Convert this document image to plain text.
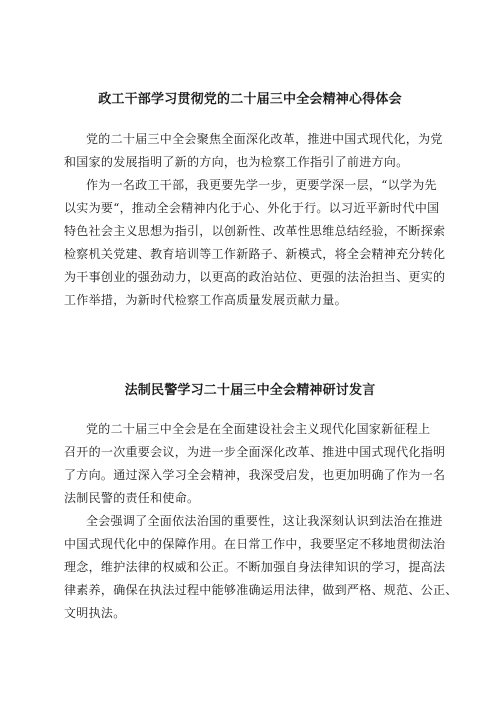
政工干部学习贯彻党的二十届三中全会精神心得体会
党的二十届三中全会聚焦全面深化改革，推进中国式现代化，为党
和国家的发展指明了新的方向，也为检察工作指引了前进方向。
作为一名政工干部，我更要先学一步，更要学深一层，“以学为先
以实为要“，推动全会精神内化于心、外化于行。以习近平新时代中国
特色社会主义思想为指引，以创新性、改革性思维总结经验，不断探索
检察机关党建、教育培训等工作新路子、新模式，将全会精神充分转化
为干事创业的强劲动力，以更高的政治站位、更强的法治担当、更实的
工作举措，为新时代检察工作高质量发展贡献力量。
法制民警学习二十届三中全会精神研讨发言
党的二十届三中全会是在全面建设社会主义现代化国家新征程上
召开的一次重要会议，为进一步全面深化改革、推进中国式现代化指明
了方向。通过深入学习全会精神，我深受启发，也更加明确了作为一名
法制民警的责任和使命。
全会强调了全面依法治国的重要性，这让我深刻认识到法治在推进
中国式现代化中的保障作用。在日常工作中，我要坚定不移地贯彻法治
理念，维护法律的权威和公正。不断加强自身法律知识的学习，提高法
律素养，确保在执法过程中能够准确运用法律，做到严格、规范、公正、
文明执法。
